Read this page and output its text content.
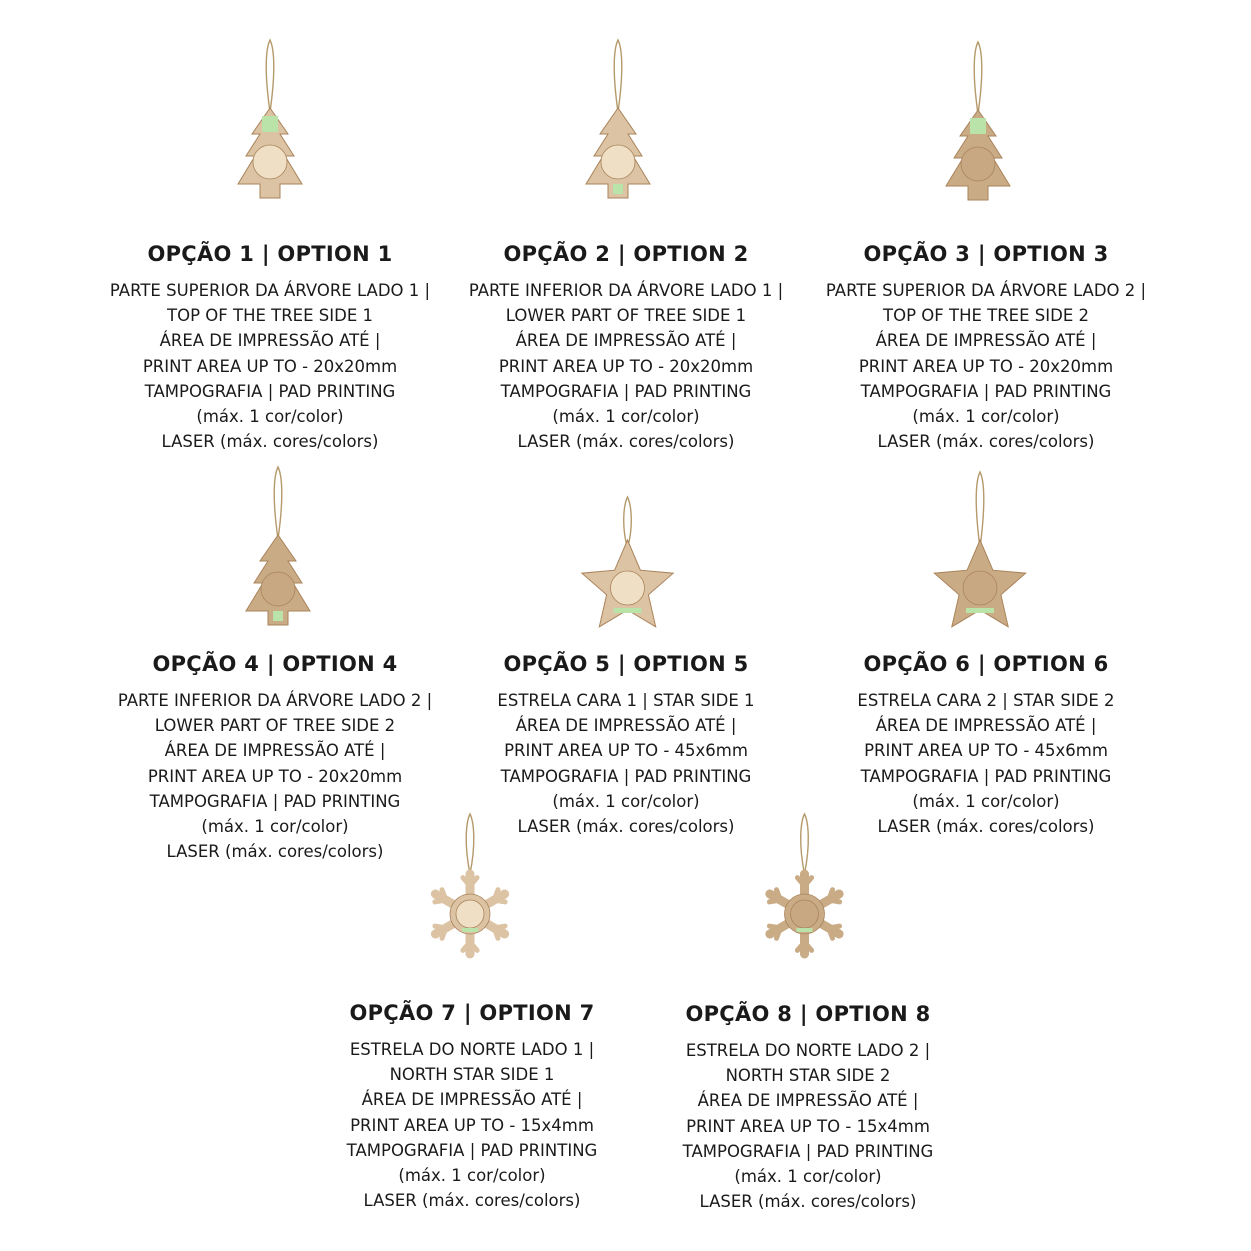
OPÇÃO 1 | OPTION 1
PARTE SUPERIOR DA ÁRVORE LADO 1 |
TOP OF THE TREE SIDE 1
ÁREA DE IMPRESSÃO ATÉ |
PRINT AREA UP TO - 20x20mm
TAMPOGRAFIA | PAD PRINTING
(máx. 1 cor/color)
LASER (máx. cores/colors)
OPÇÃO 2 | OPTION 2
PARTE INFERIOR DA ÁRVORE LADO 1 |
LOWER PART OF TREE SIDE 1
ÁREA DE IMPRESSÃO ATÉ |
PRINT AREA UP TO - 20x20mm
TAMPOGRAFIA | PAD PRINTING
(máx. 1 cor/color)
LASER (máx. cores/colors)
OPÇÃO 3 | OPTION 3
PARTE SUPERIOR DA ÁRVORE LADO 2 |
TOP OF THE TREE SIDE 2
ÁREA DE IMPRESSÃO ATÉ |
PRINT AREA UP TO - 20x20mm
TAMPOGRAFIA | PAD PRINTING
(máx. 1 cor/color)
LASER (máx. cores/colors)
OPÇÃO 4 | OPTION 4
PARTE INFERIOR DA ÁRVORE LADO 2 |
LOWER PART OF TREE SIDE 2
ÁREA DE IMPRESSÃO ATÉ |
PRINT AREA UP TO - 20x20mm
TAMPOGRAFIA | PAD PRINTING
(máx. 1 cor/color)
LASER (máx. cores/colors)
OPÇÃO 5 | OPTION 5
ESTRELA CARA 1 | STAR SIDE 1
ÁREA DE IMPRESSÃO ATÉ |
PRINT AREA UP TO - 45x6mm
TAMPOGRAFIA | PAD PRINTING
(máx. 1 cor/color)
LASER (máx. cores/colors)
OPÇÃO 6 | OPTION 6
ESTRELA CARA 2 | STAR SIDE 2
ÁREA DE IMPRESSÃO ATÉ |
PRINT AREA UP TO - 45x6mm
TAMPOGRAFIA | PAD PRINTING
(máx. 1 cor/color)
LASER (máx. cores/colors)
OPÇÃO 7 | OPTION 7
ESTRELA DO NORTE LADO 1 |
NORTH STAR SIDE 1
ÁREA DE IMPRESSÃO ATÉ |
PRINT AREA UP TO - 15x4mm
TAMPOGRAFIA | PAD PRINTING
(máx. 1 cor/color)
LASER (máx. cores/colors)
OPÇÃO 8 | OPTION 8
ESTRELA DO NORTE LADO 2 |
NORTH STAR SIDE 2
ÁREA DE IMPRESSÃO ATÉ |
PRINT AREA UP TO - 15x4mm
TAMPOGRAFIA | PAD PRINTING
(máx. 1 cor/color)
LASER (máx. cores/colors)
